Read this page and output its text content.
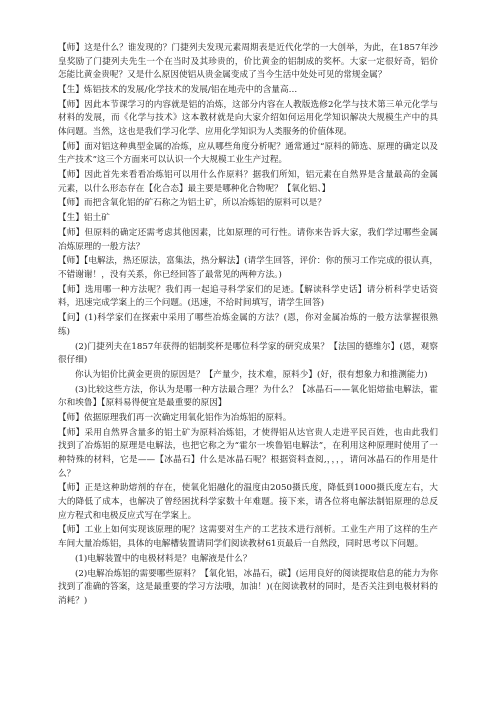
【师】这是什么？谁发现的？门捷列夫发现元素周期表是近代化学的一大创举，为此，在1857年沙皇奖励了门捷列夫先生一个在当时及其珍贵的，价比黄金的铝制成的奖杯。大家一定很好奇，铝价怎能比黄金贵呢？又是什么原因使铝从贵金属变成了当今生活中处处可见的常规金属？

【生】炼铝技术的发展/化学技术的发展/铝在地壳中的含量高…

【师】因此本节课学习的内容就是铝的冶炼，这部分内容在人教版选修2化学与技术第三单元化学与材料的发展，而《化学与技术》这本教材就是向大家介绍如何运用化学知识解决大规模生产中的具体问题。当然，这也是我们学习化学、应用化学知识为人类服务的价值体现。

【师】面对铝这种典型金属的冶炼，应从哪些角度分析呢？通常通过“原料的筛选、原理的确定以及生产技术”这三个方面来可以认识一个大规模工业生产过程。

【师】因此首先来看看冶炼铝可以用什么作原料？据我们所知，铝元素在自然界是含量最高的金属元素，以什么形态存在【化合态】最主要是哪种化合物呢？【氧化铝、】

【师】而把含氧化铝的矿石称之为铝土矿，所以冶炼铝的原料可以是？

【生】铝土矿

【师】但原料的确定还需考虑其他因素，比如原理的可行性。请你来告诉大家，我们学过哪些金属冶炼原理的一般方法？

【师】【电解法，热还原法，富集法，热分解法】(请学生回答，评价：你的预习工作完成的很认真，不错谢谢！，没有关系，你已经回答了最常见的两种方法。)

【师】选用哪一种方法呢？我们再一起追寻科学家们的足迹。【解读科学史话】请分析科学史话资料，迅速完成学案上的三个问题。(迅速，不给时间填写，请学生回答)

【问】(1)科学家们在探索中采用了哪些冶炼金属的方法？(恩，你对金属冶炼的一般方法掌握很熟练)

(2)门捷列夫在1857年获得的铝制奖杯是哪位科学家的研究成果？【法国的德维尔】(恩，观察很仔细)

你认为铝价比黄金更贵的原因是？【产量少，技术难，原料少】(好，很有想象力和推测能力)

(3)比较这些方法，你认为是哪一种方法最合理？为什么？【冰晶石——氧化铝熔盐电解法，霍尔和埃鲁】【原料易得便宜是最重要的原因】

【师】依据原理我们再一次确定用氧化铝作为冶炼铝的原料。

【师】采用自然界含量多的铝土矿为原料冶炼铝，才使得铝从达官贵人走进平民百姓，也由此我们找到了冶炼铝的原理是电解法，也把它称之为“霍尔一埃鲁铝电解法”，在利用这种原理时使用了一种特殊的材料，它是——【冰晶石】什么是冰晶石呢？根据资料查阅,，，，，请问冰晶石的作用是什么？

【师】正是这种助熔剂的存在，使氧化铝融化的温度由2050摄氏度，降低到1000摄氏度左右，大大的降低了成本，也解决了曾经困扰科学家数十年难题。接下来，请各位将电解法制铝原理的总反应方程式和电极反应式写在学案上。

【师】工业上如何实现该原理的呢？这需要对生产的工艺技术进行剖析。工业生产用了这样的生产车间大量冶炼铝，具体的电解槽装置请同学们阅读教材61页最后一自然段，同时思考以下问题。

(1)电解装置中的电极材料是？电解液是什么？

(2)电解冶炼铝的需要哪些原料？【氧化铝，冰晶石，碳】(运用良好的阅读提取信息的能力为你找到了准确的答案，这是最重要的学习方法哦，加油！)(在阅读教材的同时，是否关注到电极材料的消耗？)
